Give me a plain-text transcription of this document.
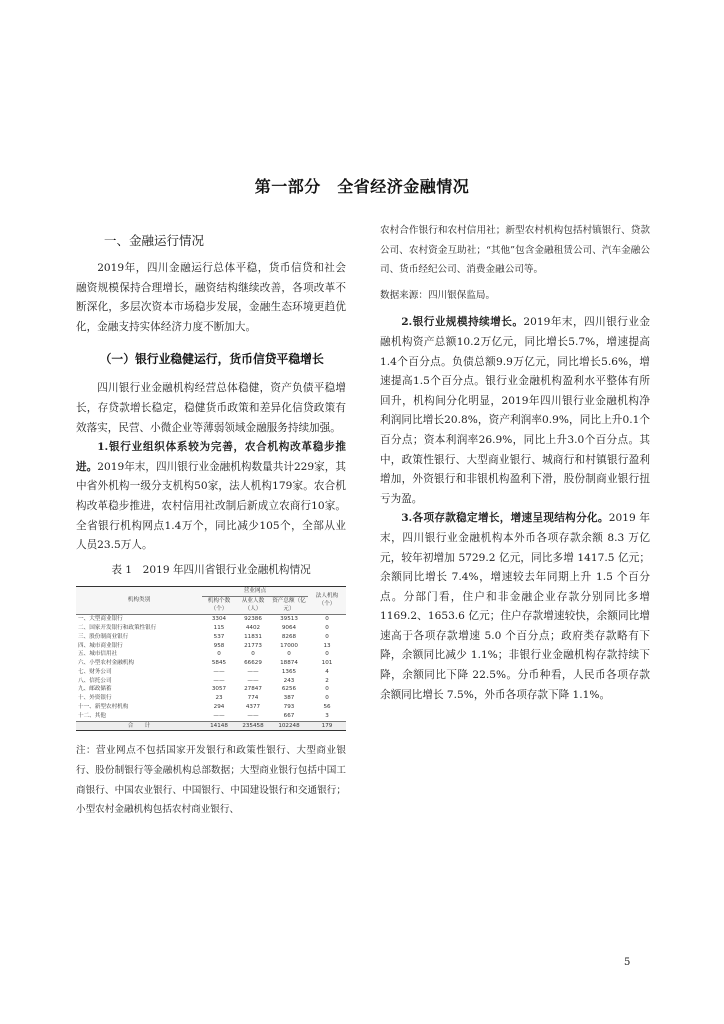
第一部分　全省经济金融情况
一、金融运行情况

2019年，四川金融运行总体平稳，货币信贷和社会融资规模保持合理增长，融资结构继续改善，各项改革不断深化，多层次资本市场稳步发展，金融生态环境更趋优化，金融支持实体经济力度不断加大。

（一）银行业稳健运行，货币信贷平稳增长

四川银行业金融机构经营总体稳健，资产负债平稳增长，存贷款增长稳定，稳健货币政策和差异化信贷政策有效落实，民营、小微企业等薄弱领域金融服务持续加强。

1.银行业组织体系较为完善，农合机构改革稳步推进。2019年末，四川银行业金融机构数量共计229家，其中省外机构一级分支机构50家，法人机构179家。农合机构改革稳步推进，农村信用社改制后新成立农商行10家。全省银行机构网点1.4万个，同比减少105个，全部从业人员23.5万人。

表 1　2019 年四川省银行业金融机构情况
机构类别	营业网点			法人机构（个）
	机构个数（个）	从业人数（人）	资产总额（亿元）	
一、大型商业银行	3304	92386	39513	0
二、国家开发银行和政策性银行	115	4402	9064	0
三、股份制商业银行	537	11831	8268	0
四、城市商业银行	958	21773	17000	13
五、城市信用社	0	0	0	0
六、小型农村金融机构	5845	66629	18874	101
七、财务公司	——	——	1365	4
八、信托公司	——	——	243	2
九、邮政储蓄	3057	27847	6256	0
十、外资银行	23	774	387	0
十一、新型农村机构	294	4377	793	56
十二、其他	——	——	667	3
合　　计	14148	235458	102248	179

注：营业网点不包括国家开发银行和政策性银行、大型商业银行、股份制银行等金融机构总部数据；大型商业银行包括中国工商银行、中国农业银行、中国银行、中国建设银行和交通银行；小型农村金融机构包括农村商业银行、

农村合作银行和农村信用社；新型农村机构包括村镇银行、贷款公司、农村资金互助社；“其他”包含金融租赁公司、汽车金融公司、货币经纪公司、消费金融公司等。

数据来源：四川银保监局。

2.银行业规模持续增长。2019年末，四川银行业金融机构资产总额10.2万亿元，同比增长5.7%，增速提高1.4个百分点。负债总额9.9万亿元，同比增长5.6%，增速提高1.5个百分点。银行业金融机构盈利水平整体有所回升，机构间分化明显，2019年四川银行业金融机构净利润同比增长20.8%，资产利润率0.9%，同比上升0.1个百分点；资本利润率26.9%，同比上升3.0个百分点。其中，政策性银行、大型商业银行、城商行和村镇银行盈利增加，外资银行和非银机构盈利下滑，股份制商业银行扭亏为盈。

3.各项存款稳定增长，增速呈现结构分化。2019 年末，四川银行业金融机构本外币各项存款余额 8.3 万亿元，较年初增加 5729.2 亿元，同比多增 1417.5 亿元；余额同比增长 7.4%，增速较去年同期上升 1.5 个百分点。分部门看，住户和非金融企业存款分别同比多增 1169.2、1653.6 亿元；住户存款增速较快，余额同比增速高于各项存款增速 5.0 个百分点；政府类存款略有下降，余额同比减少 1.1%；非银行业金融机构存款持续下降，余额同比下降 22.5%。分币种看，人民币各项存款余额同比增长 7.5%，外币各项存款下降 1.1%。

5
